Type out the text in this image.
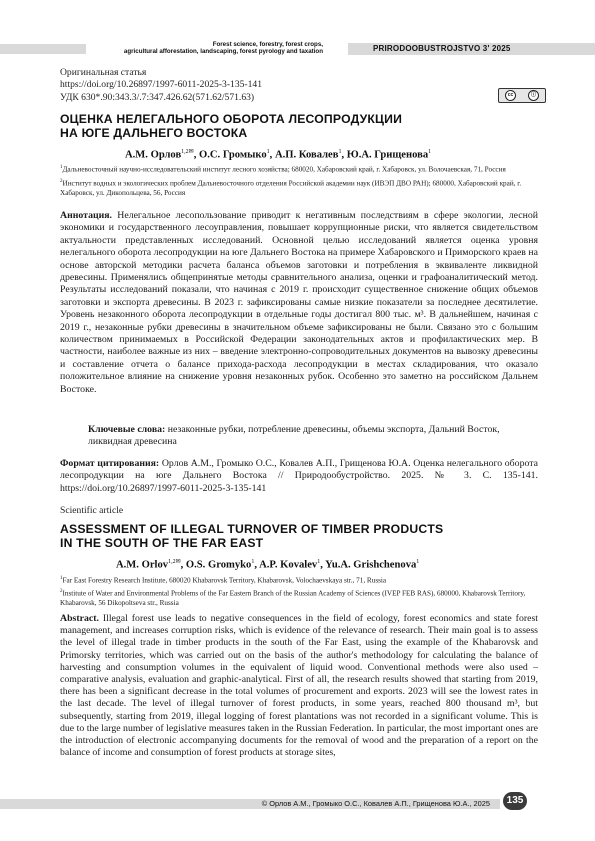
Forest science, forestry, forest crops,
agricultural afforestation, landscaping, forest pyrology and taxation	PRIRODOOBUSTROJSTVO 3' 2025
Оригинальная статья
https://doi.org/10.26897/1997-6011-2025-3-135-141
УДК 630*.90:343.3/.7:347.426.62(571.62/571.63)	cc	ⓘ
ОЦЕНКА НЕЛЕГАЛЬНОГО ОБОРОТА ЛЕСОПРОДУКЦИИ
НА ЮГЕ ДАЛЬНЕГО ВОСТОКА
А.М. Орлов$^{1,2✉}$, О.С. Громыко$^1$, А.П. Ковалев$^1$, Ю.А. Грищенова$^1$
$^1$Дальневосточный научно-исследовательский институт лесного хозяйства; 680020, Хабаровский край, г. Хабаровск, ул. Волочаевская, 71, Россия
$^2$Институт водных и экологических проблем Дальневосточного отделения Российской академии наук (ИВЭП ДВО РАН); 680000, Хабаровский край, г. Хабаровск, ул. Дикопольцева, 56, Россия
Аннотация. Нелегальное лесопользование приводит к негативным последствиям в сфере экологии, лесной экономики и государственного лесоуправления, повышает коррупционные риски, что является свидетельством актуальности представленных исследований. Основной целью исследований является оценка уровня нелегального оборота лесопродукции на юге Дальнего Востока на примере Хабаровского и Приморского краев на основе авторской методики расчета баланса объемов заготовки и потребления в эквиваленте ликвидной древесины. Применялись общепринятые методы сравнительного анализа, оценки и графоаналитический метод. Результаты исследований показали, что начиная с 2019 г. происходит существенное снижение общих объемов заготовки и экспорта древесины. В 2023 г. зафиксированы самые низкие показатели за последнее десятилетие. Уровень незаконного оборота лесопродукции в отдельные годы достигал 800 тыс. м³. В дальнейшем, начиная с 2019 г., незаконные рубки древесины в значительном объеме зафиксированы не были. Связано это с большим количеством принимаемых в Российской Федерации законодательных актов и профилактических мер. В частности, наиболее важные из них – введение электронно-сопроводительных документов на вывозку древесины и составление отчета о балансе прихода-расхода лесопродукции в местах складирования, что оказало положительное влияние на снижение уровня незаконных рубок. Особенно это заметно на российском Дальнем Востоке.
Ключевые слова: незаконные рубки, потребление древесины, объемы экспорта, Дальний Восток, ликвидная древесина
Формат цитирования: Орлов А.М., Громыко О.С., Ковалев А.П., Грищенова Ю.А. Оценка нелегального оборота лесопродукции на юге Дальнего Востока // Природообустройство. 2025. № 3. С. 135-141. https://doi.org/10.26897/1997-6011-2025-3-135-141
Scientific article
ASSESSMENT OF ILLEGAL TURNOVER OF TIMBER PRODUCTS
IN THE SOUTH OF THE FAR EAST
A.M. Orlov$^{1,2✉}$, O.S. Gromyko$^1$, A.P. Kovalev$^1$, Yu.A. Grishchenova$^1$
$^1$Far East Forestry Research Institute, 680020 Khabarovsk Territory, Khabarovsk, Volochaevskaya str., 71, Russia
$^2$Institute of Water and Environmental Problems of the Far Eastern Branch of the Russian Academy of Sciences (IVEP FEB RAS), 680000, Khabarovsk Territory, Khabarovsk, 56 Dikopoltseva str., Russia
Abstract. Illegal forest use leads to negative consequences in the field of ecology, forest economics and state forest management, and increases corruption risks, which is evidence of the relevance of research. Their main goal is to assess the level of illegal trade in timber products in the south of the Far East, using the example of the Khabarovsk and Primorsky territories, which was carried out on the basis of the author's methodology for calculating the balance of harvesting and consumption volumes in the equivalent of liquid wood. Conventional methods were also used – comparative analysis, evaluation and graphic-analytical. First of all, the research results showed that starting from 2019, there has been a significant decrease in the total volumes of procurement and exports. 2023 will see the lowest rates in the last decade. The level of illegal turnover of forest products, in some years, reached 800 thousand m³, but subsequently, starting from 2019, illegal logging of forest plantations was not recorded in a significant volume. This is due to the large number of legislative measures taken in the Russian Federation. In particular, the most important ones are the introduction of electronic accompanying documents for the removal of wood and the preparation of a report on the balance of income and consumption of forest products at storage sites,
© Орлов А.М., Громыко О.С., Ковалев А.П., Грищенова Ю.А., 2025	135
